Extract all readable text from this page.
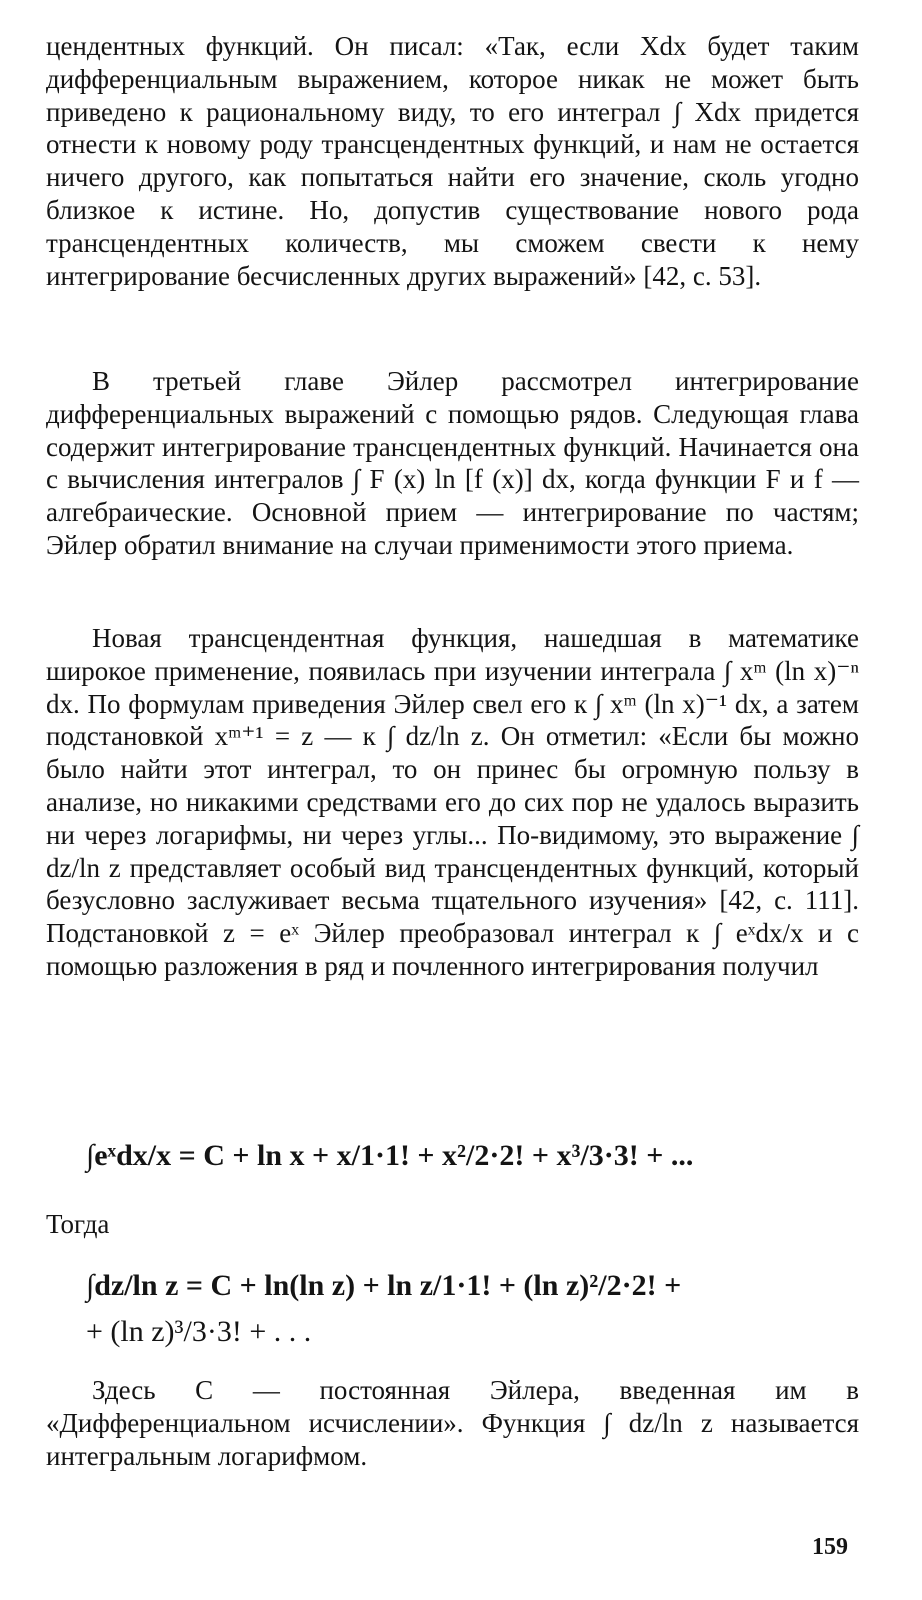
цендентных функций. Он писал: «Так, если Xdx будет таким дифференциальным выражением, которое никак не может быть приведено к рациональному виду, то его интеграл ∫ Xdx придется отнести к новому роду трансцендентных функций, и нам не остается ничего другого, как попытаться найти его значение, сколь угодно близкое к истине. Но, допустив существование нового рода трансцендентных количеств, мы сможем свести к нему интегрирование бесчисленных других выражений» [42, с. 53].

В третьей главе Эйлер рассмотрел интегрирование дифференциальных выражений с помощью рядов. Следующая глава содержит интегрирование трансцендентных функций. Начинается она с вычисления интегралов ∫ F (x) ln [f (x)] dx, когда функции F и f — алгебраические. Основной прием — интегрирование по частям; Эйлер обратил внимание на случаи применимости этого приема.

Новая трансцендентная функция, нашедшая в математике широкое применение, появилась при изучении интеграла ∫ xᵐ (ln x)⁻ⁿ dx. По формулам приведения Эйлер свел его к ∫ xᵐ (ln x)⁻¹ dx, а затем подстановкой xᵐ⁺¹ = z — к ∫ dz/ln z. Он отметил: «Если бы можно было найти этот интеграл, то он принес бы огромную пользу в анализе, но никакими средствами его до сих пор не удалось выразить ни через логарифмы, ни через углы... По-видимому, это выражение ∫ dz/ln z представляет особый вид трансцендентных функций, который безусловно заслуживает весьма тщательного изучения» [42, с. 111]. Подстановкой z = eˣ Эйлер преобразовал интеграл к ∫ eˣdx/x и с помощью разложения в ряд и почленного интегрирования получил

∫eˣdx/x = C + ln x + x/1·1! + x²/2·2! + x³/3·3! + ...

Тогда

∫dz/ln z = C + ln(ln z) + ln z/1·1! + (ln z)²/2·2! +
+ (ln z)³/3·3! + . . .

Здесь C — постоянная Эйлера, введенная им в «Дифференциальном исчислении». Функция ∫ dz/ln z называется интегральным логарифмом.

159
